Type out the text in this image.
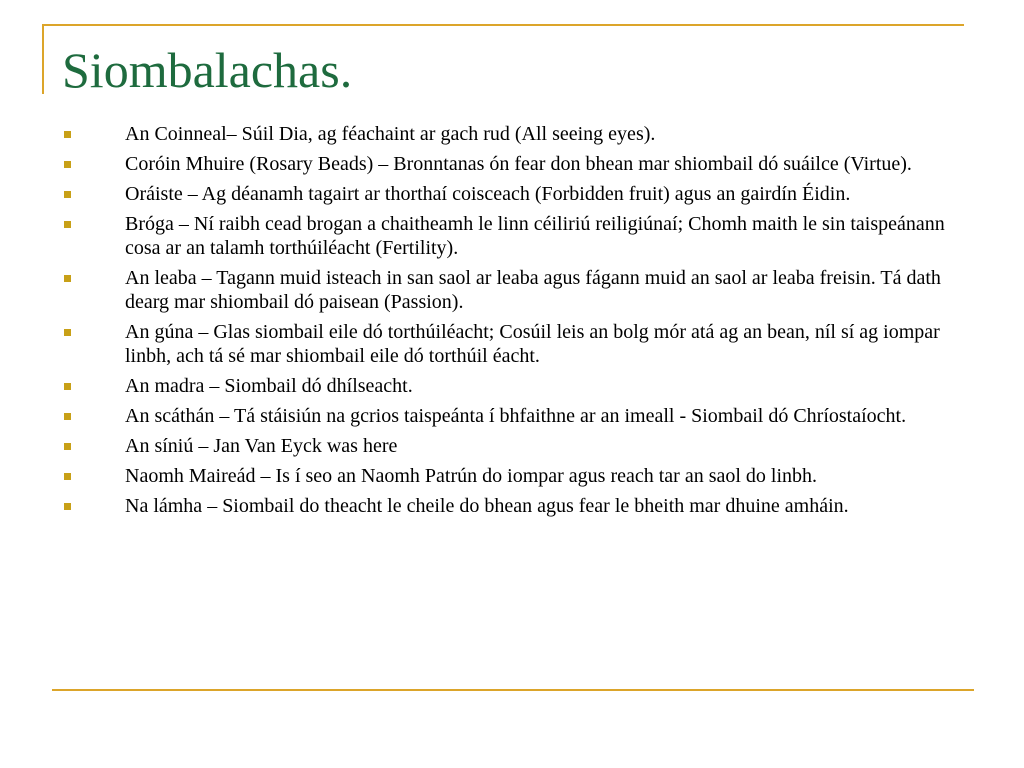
Siombalachas.
An Coinneal– Súil Dia, ag féachaint ar gach rud (All seeing eyes).
Coróin Mhuire (Rosary Beads) – Bronntanas ón fear don bhean mar shiombail dó suáilce (Virtue).
Oráiste – Ag déanamh tagairt ar thorthaí coisceach (Forbidden fruit) agus an gairdín Éidin.
Bróga – Ní raibh cead brogan a chaitheamh le linn céiliriú reiligiúnaí; Chomh maith le sin taispeánann cosa ar an talamh torthúiléacht (Fertility).
An leaba – Tagann muid isteach in san saol ar leaba agus fágann muid an saol ar leaba freisin. Tá dath dearg mar shiombail dó paisean (Passion).
An gúna – Glas siombail eile dó torthúiléacht; Cosúil leis an bolg mór atá ag an bean, níl sí ag iompar linbh, ach tá sé mar shiombail eile dó torthúil éacht.
An madra – Siombail dó dhílseacht.
An scáthán – Tá stáisiún na gcrios taispeánta í bhfaithne ar an imeall - Siombail dó Chríostaíocht.
An síniú – Jan Van Eyck was here
Naomh Maireád – Is í seo an Naomh Patrún do iompar agus reach tar an saol do linbh.
Na lámha – Siombail do theacht le cheile do bhean agus fear le bheith mar dhuine amháin.
